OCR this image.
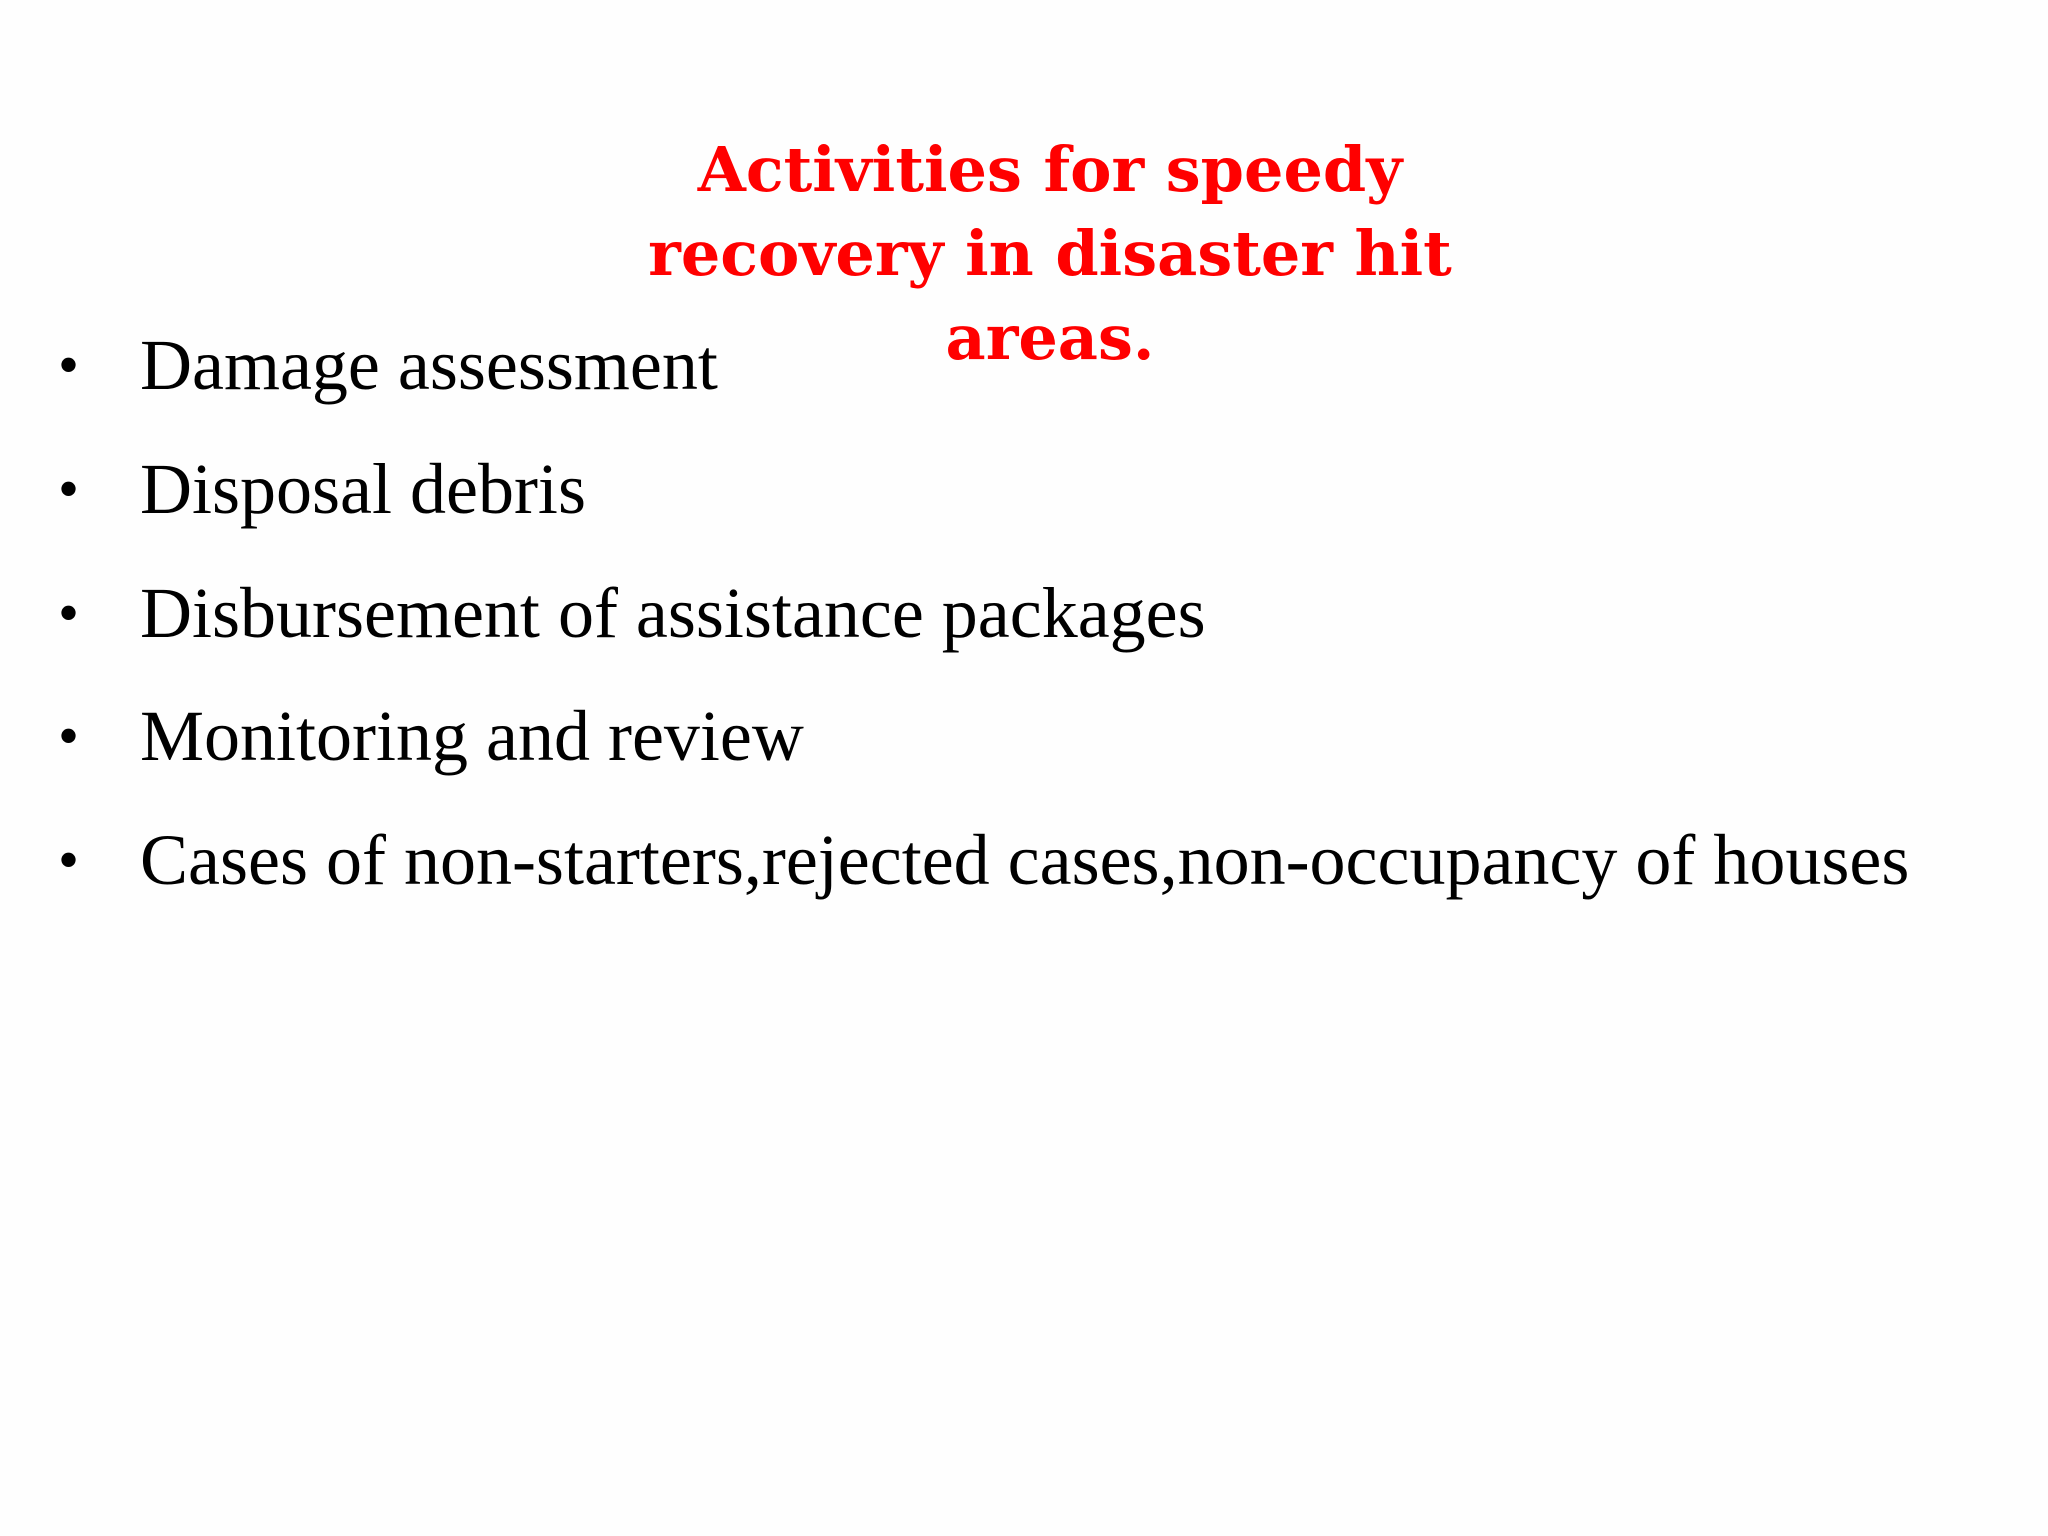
Activities for speedy recovery in disaster hit areas.
• Damage assessment
• Disposal debris
• Disbursement of assistance packages
• Monitoring and review
• Cases of non-starters,rejected cases,non-occupancy of houses
